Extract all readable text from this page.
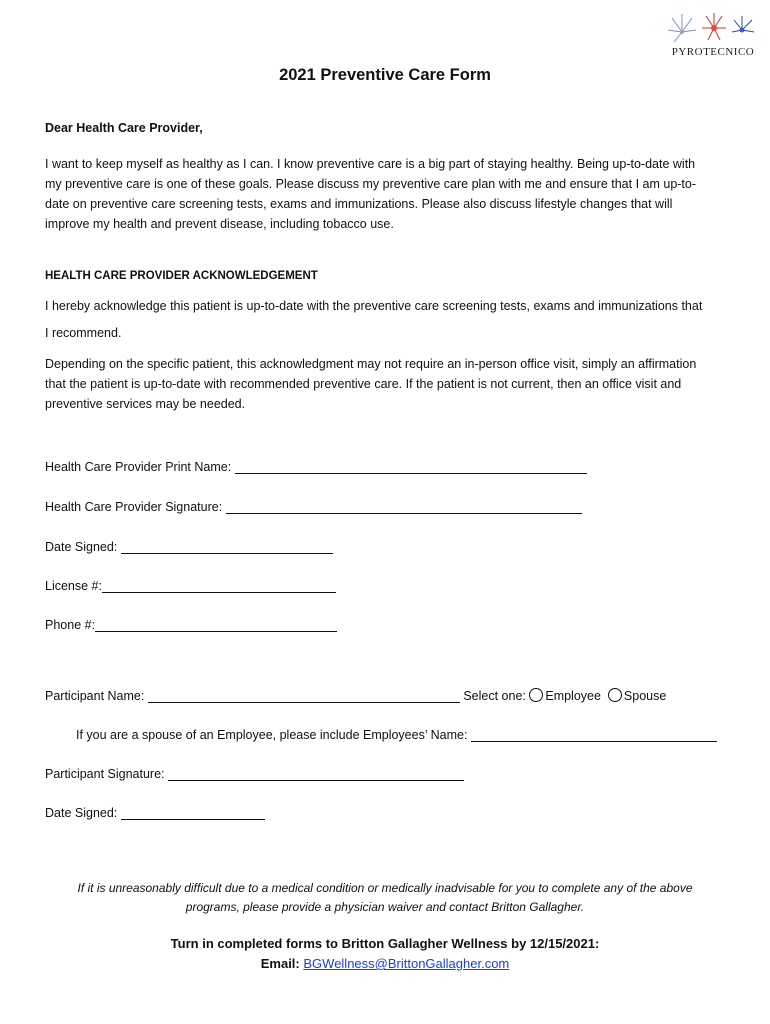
PYROTECNICO
2021 Preventive Care Form
Dear Health Care Provider,
I want to keep myself as healthy as I can. I know preventive care is a big part of staying healthy. Being up-to-date with
my preventive care is one of these goals. Please discuss my preventive care plan with me and ensure that I am up-to-
date on preventive care screening tests, exams and immunizations. Please also discuss lifestyle changes that will
improve my health and prevent disease, including tobacco use.
HEALTH CARE PROVIDER ACKNOWLEDGEMENT
I hereby acknowledge this patient is up-to-date with the preventive care screening tests, exams and immunizations that
I recommend.
Depending on the specific patient, this acknowledgment may not require an in-person office visit, simply an affirmation
that the patient is up-to-date with recommended preventive care. If the patient is not current, then an office visit and
preventive services may be needed.
Health Care Provider Print Name:
Health Care Provider Signature:
Date Signed:
License #:
Phone #:
Participant Name:	Select one: Employee Spouse
If you are a spouse of an Employee, please include Employees’ Name:
Participant Signature:
Date Signed:
If it is unreasonably difficult due to a medical condition or medically inadvisable for you to complete any of the above
programs, please provide a physician waiver and contact Britton Gallagher.
Turn in completed forms to Britton Gallagher Wellness by 12/15/2021:
Email: BGWellness@BrittonGallagher.com
